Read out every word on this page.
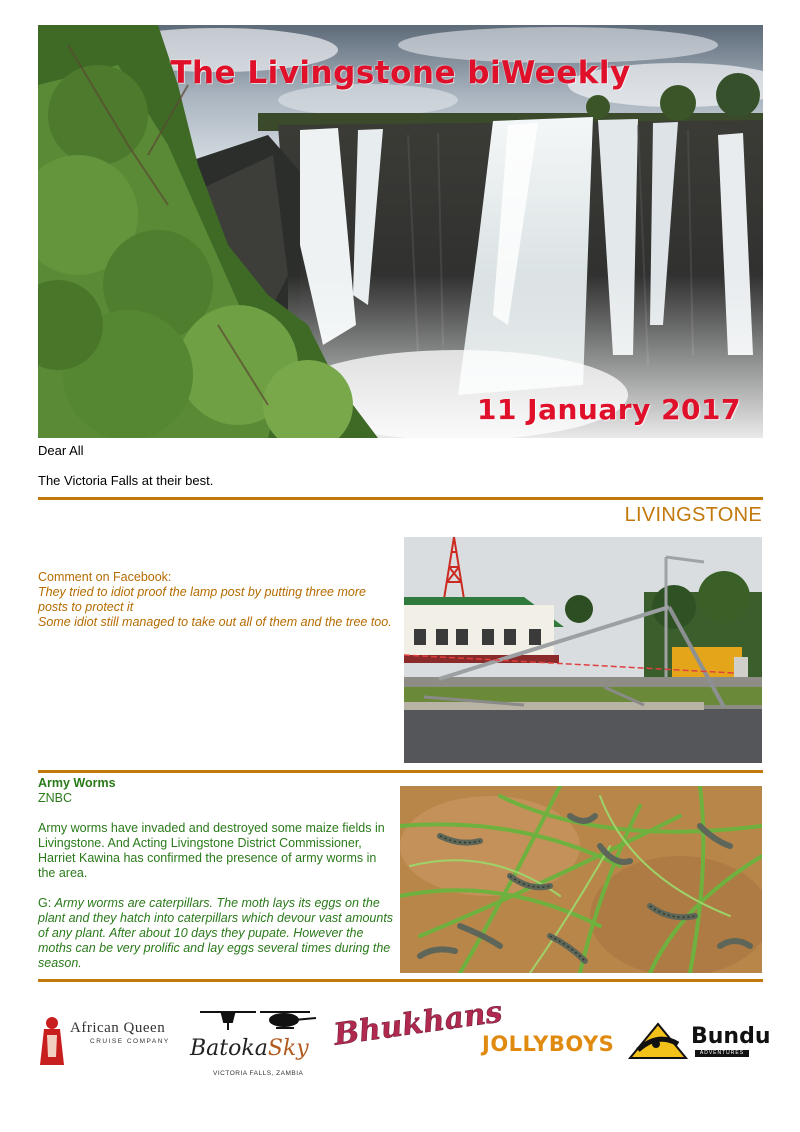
The Livingstone biWeekly
11 January 2017
Dear All
The Victoria Falls at their best.
LIVINGSTONE
Comment on Facebook:
They tried to idiot proof the lamp post by putting three more posts to protect it
Some idiot still managed to take out all of them and the tree too.
Army Worms
ZNBC
Army worms have invaded and destroyed some maize fields in Livingstone. And Acting Livingstone District Commissioner, Harriet Kawina has confirmed the presence of army worms in the area.
G: Army worms are caterpillars. The moth lays its eggs on the plant and they hatch into caterpillars which devour vast amounts of any plant. After about 10 days they pupate. However the moths can be very prolific and lay eggs several times during the season.
African Queen
CRUISE COMPANY BatokaSky
VICTORIA FALLS, ZAMBIA
Bhukhans
JOLLYBOYS	Bundu
ADVENTURES
